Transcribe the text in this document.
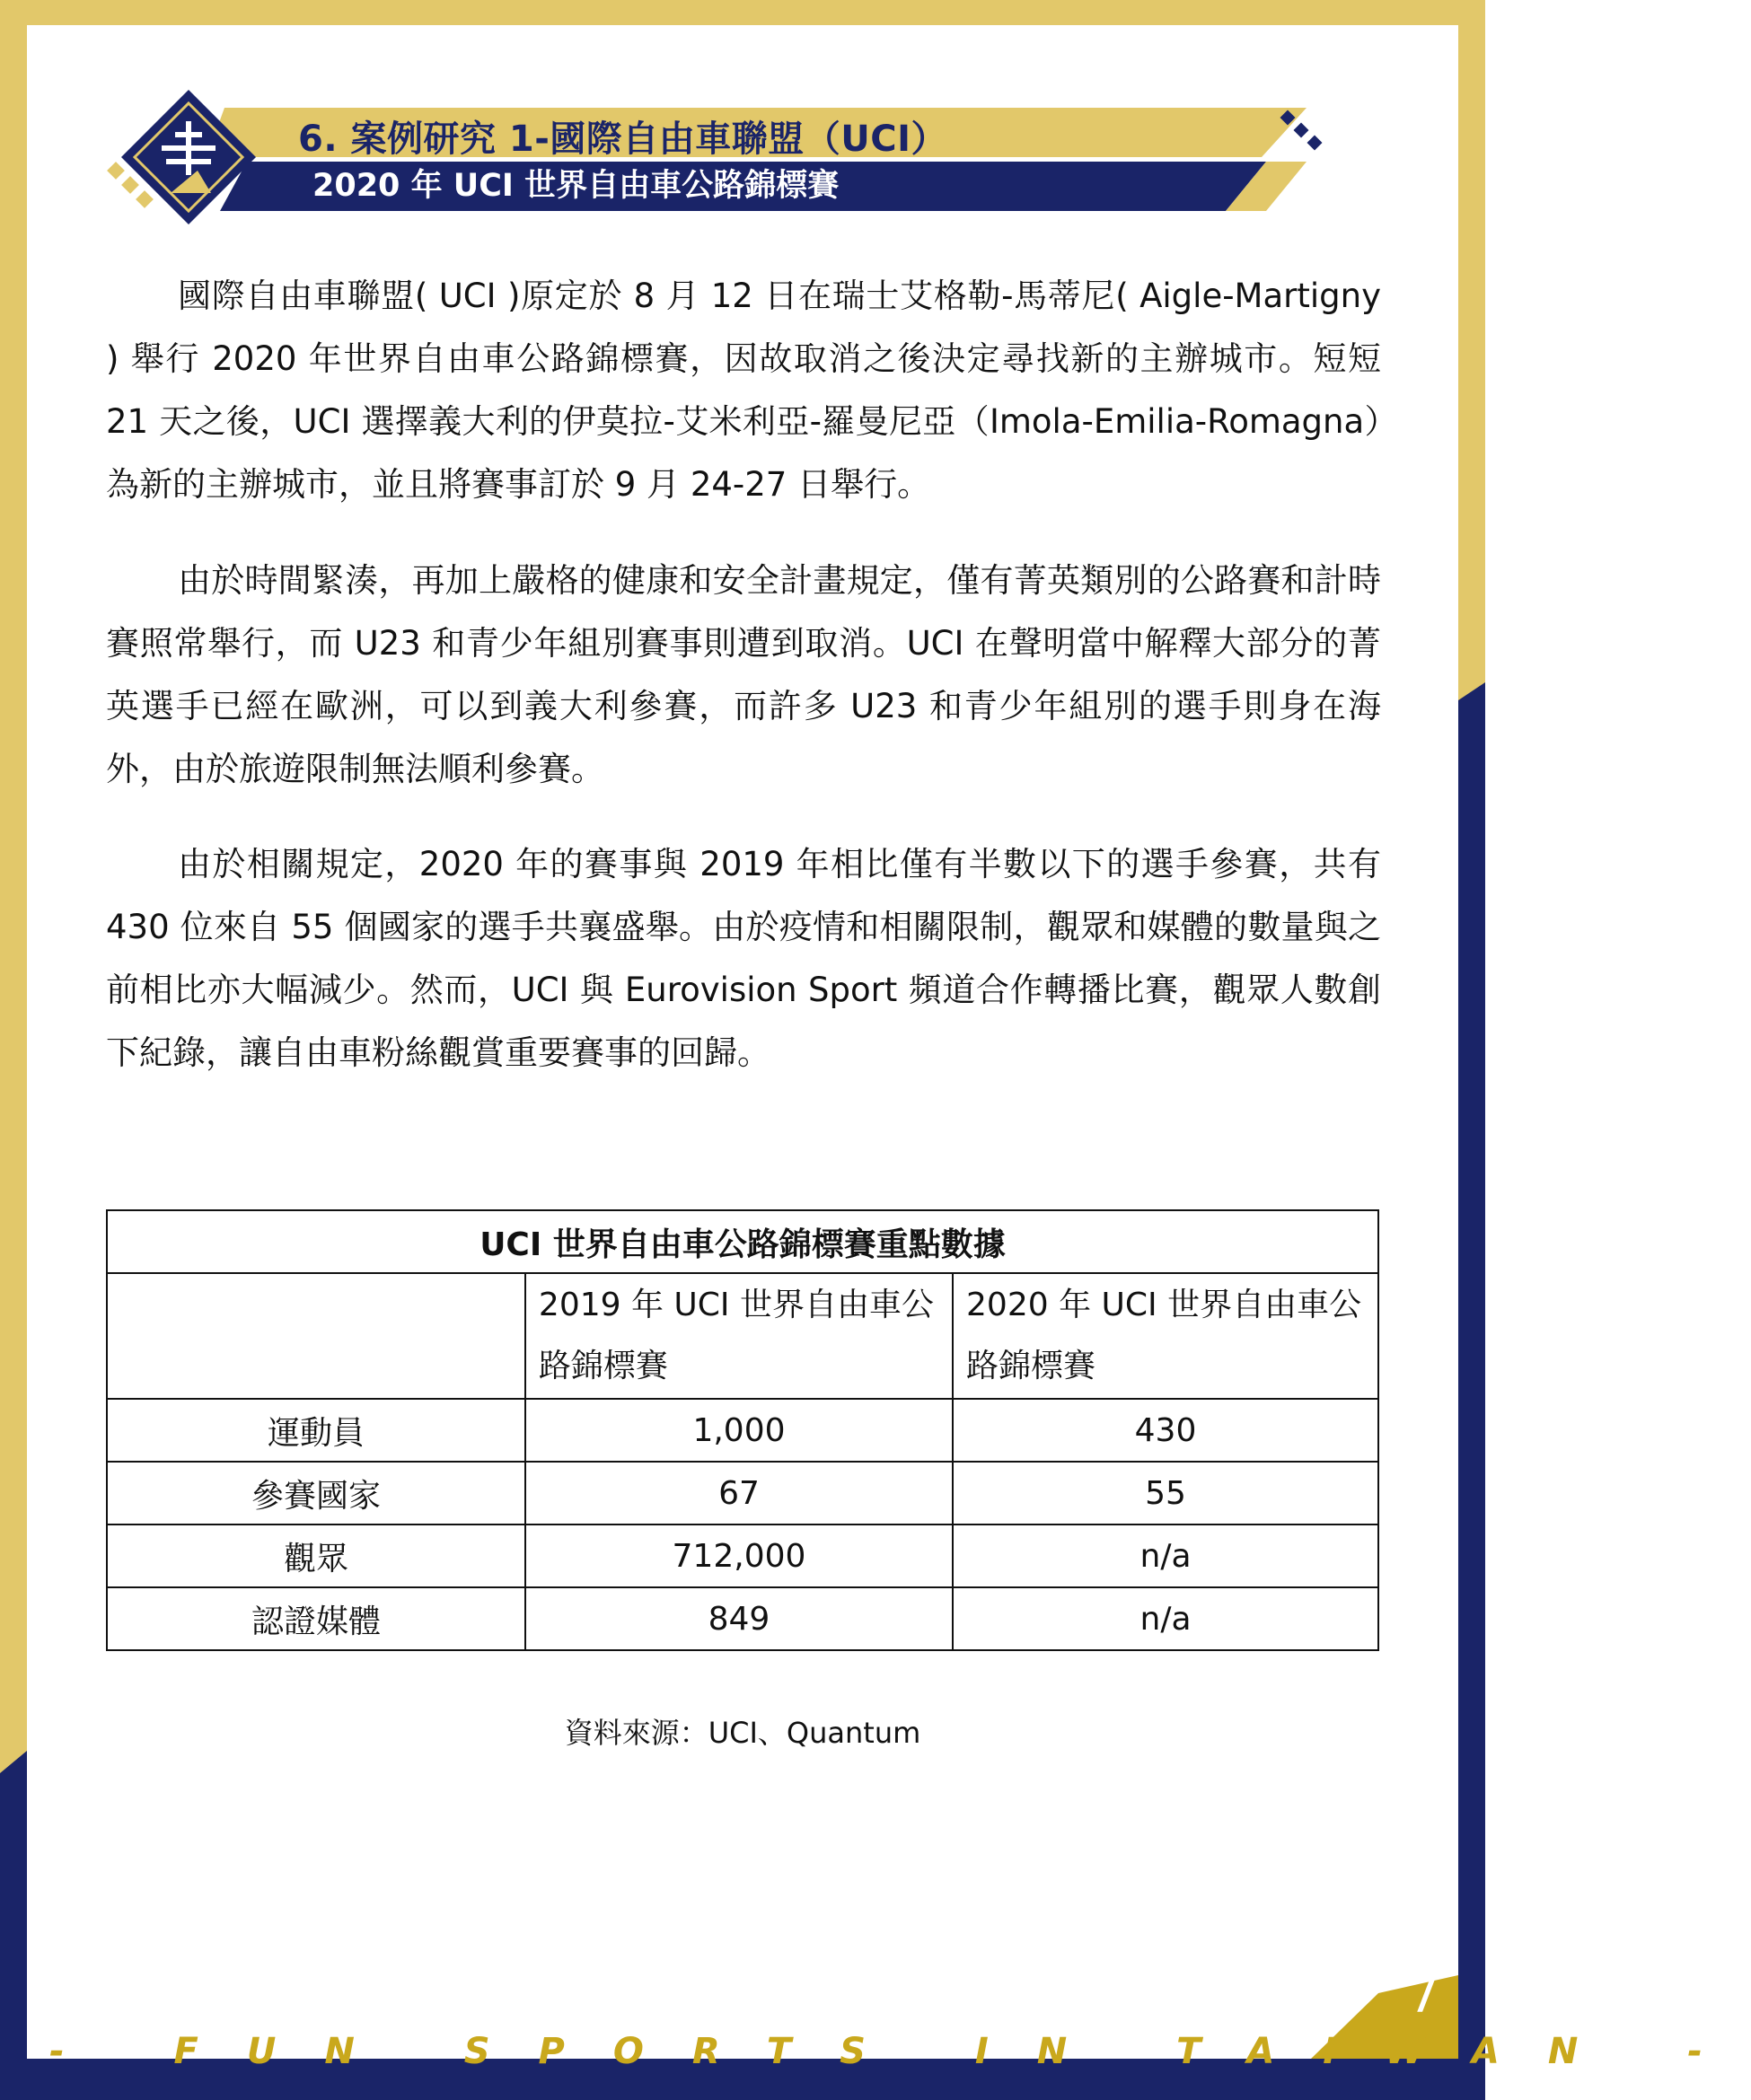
6. 案例研究 1-國際自由車聯盟（UCI）
2020 年 UCI 世界自由車公路錦標賽

國際自由車聯盟( UCI )原定於 8 月 12 日在瑞士艾格勒-馬蒂尼( Aigle-Martigny ) 舉行 2020 年世界自由車公路錦標賽，因故取消之後決定尋找新的主辦城市。短短 21 天之後，UCI 選擇義大利的伊莫拉-艾米利亞-羅曼尼亞（Imola-Emilia-Romagna）為新的主辦城市，並且將賽事訂於 9 月 24-27 日舉行。

由於時間緊湊，再加上嚴格的健康和安全計畫規定，僅有菁英類別的公路賽和計時賽照常舉行，而 U23 和青少年組別賽事則遭到取消。UCI 在聲明當中解釋大部分的菁英選手已經在歐洲，可以到義大利參賽，而許多 U23 和青少年組別的選手則身在海外，由於旅遊限制無法順利參賽。

由於相關規定，2020 年的賽事與 2019 年相比僅有半數以下的選手參賽，共有 430 位來自 55 個國家的選手共襄盛舉。由於疫情和相關限制，觀眾和媒體的數量與之前相比亦大幅減少。然而，UCI 與 Eurovision Sport 頻道合作轉播比賽，觀眾人數創下紀錄，讓自由車粉絲觀賞重要賽事的回歸。

UCI 世界自由車公路錦標賽重點數據		
	2019 年 UCI 世界自由車公路錦標賽	2020 年 UCI 世界自由車公路錦標賽
運動員	1,000	430
參賽國家	67	55
觀眾	712,000	n/a
認證媒體	849	n/a
資料來源：UCI、Quantum
- FUN SPORTS IN TAIWAN -
7
